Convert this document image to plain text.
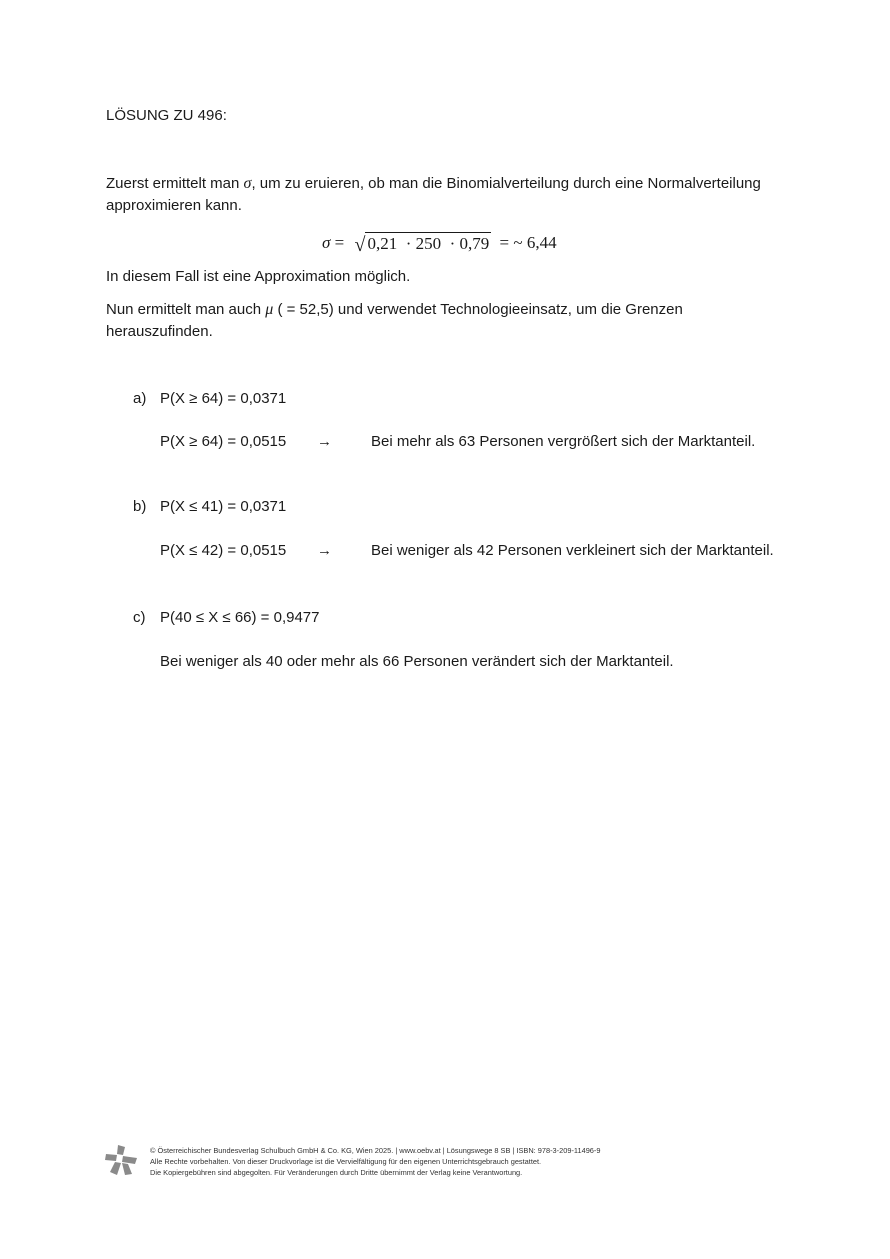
LÖSUNG ZU 496:
Zuerst ermittelt man σ, um zu eruieren, ob man die Binomialverteilung durch eine Normalverteilung
approximieren kann.
σ = √ 0,21  · 250  · 0,79 = ~ 6,44
In diesem Fall ist eine Approximation möglich.
Nun ermittelt man auch μ ( = 52,5) und verwendet Technologieeinsatz, um die Grenzen
herauszufinden.
a) P(X ≥ 64) = 0,0371
P(X ≥ 64) = 0,0515 →	Bei mehr als 63 Personen vergrößert sich der Marktanteil.
b) P(X ≤ 41) = 0,0371
P(X ≤ 42) = 0,0515 →	Bei weniger als 42 Personen verkleinert sich der Marktanteil.
c) P(40 ≤ X ≤ 66) = 0,9477
Bei weniger als 40 oder mehr als 66 Personen verändert sich der Marktanteil.
© Österreichischer Bundesverlag Schulbuch GmbH & Co. KG, Wien 2025. | www.oebv.at | Lösungswege 8 SB | ISBN: 978-3-209-11496-9
Alle Rechte vorbehalten. Von dieser Druckvorlage ist die Vervielfältigung für den eigenen Unterrichtsgebrauch gestattet.
Die Kopiergebühren sind abgegolten. Für Veränderungen durch Dritte übernimmt der Verlag keine Verantwortung.
